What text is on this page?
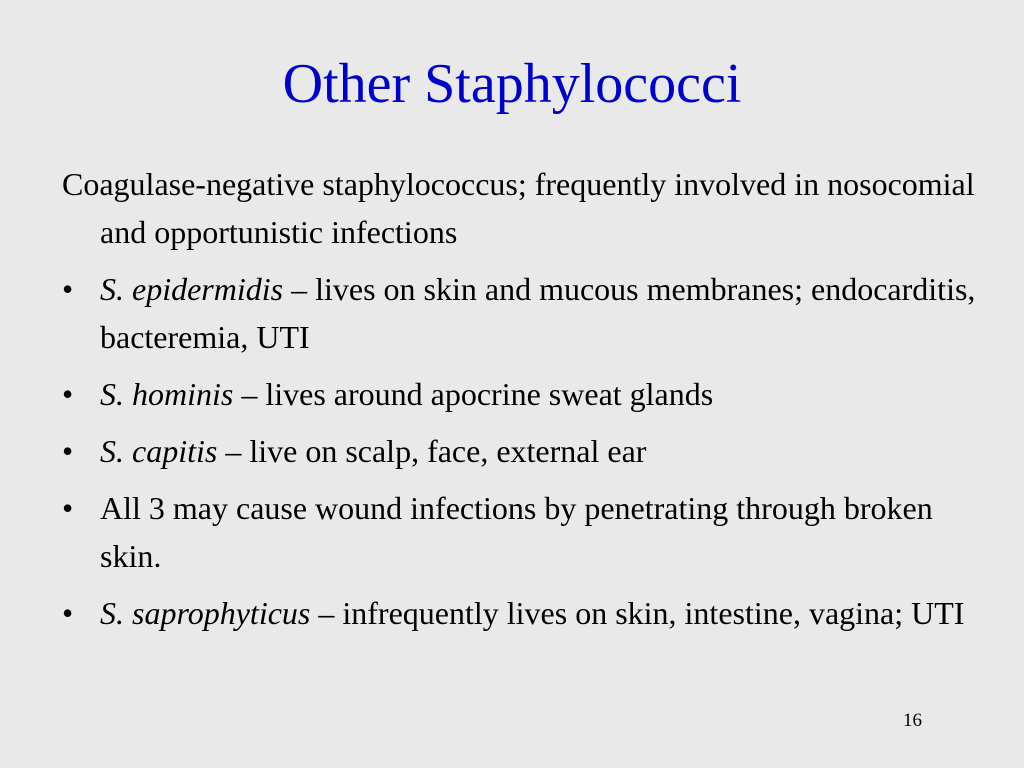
Other Staphylococci

Coagulase-negative staphylococcus; frequently involved in nosocomial and opportunistic infections

• S. epidermidis – lives on skin and mucous membranes; endocarditis, bacteremia, UTI
• S. hominis – lives around apocrine sweat glands
• S. capitis – live on scalp, face, external ear
• All 3 may cause wound infections by penetrating through broken skin.
• S. saprophyticus – infrequently lives on skin, intestine, vagina; UTI
16
